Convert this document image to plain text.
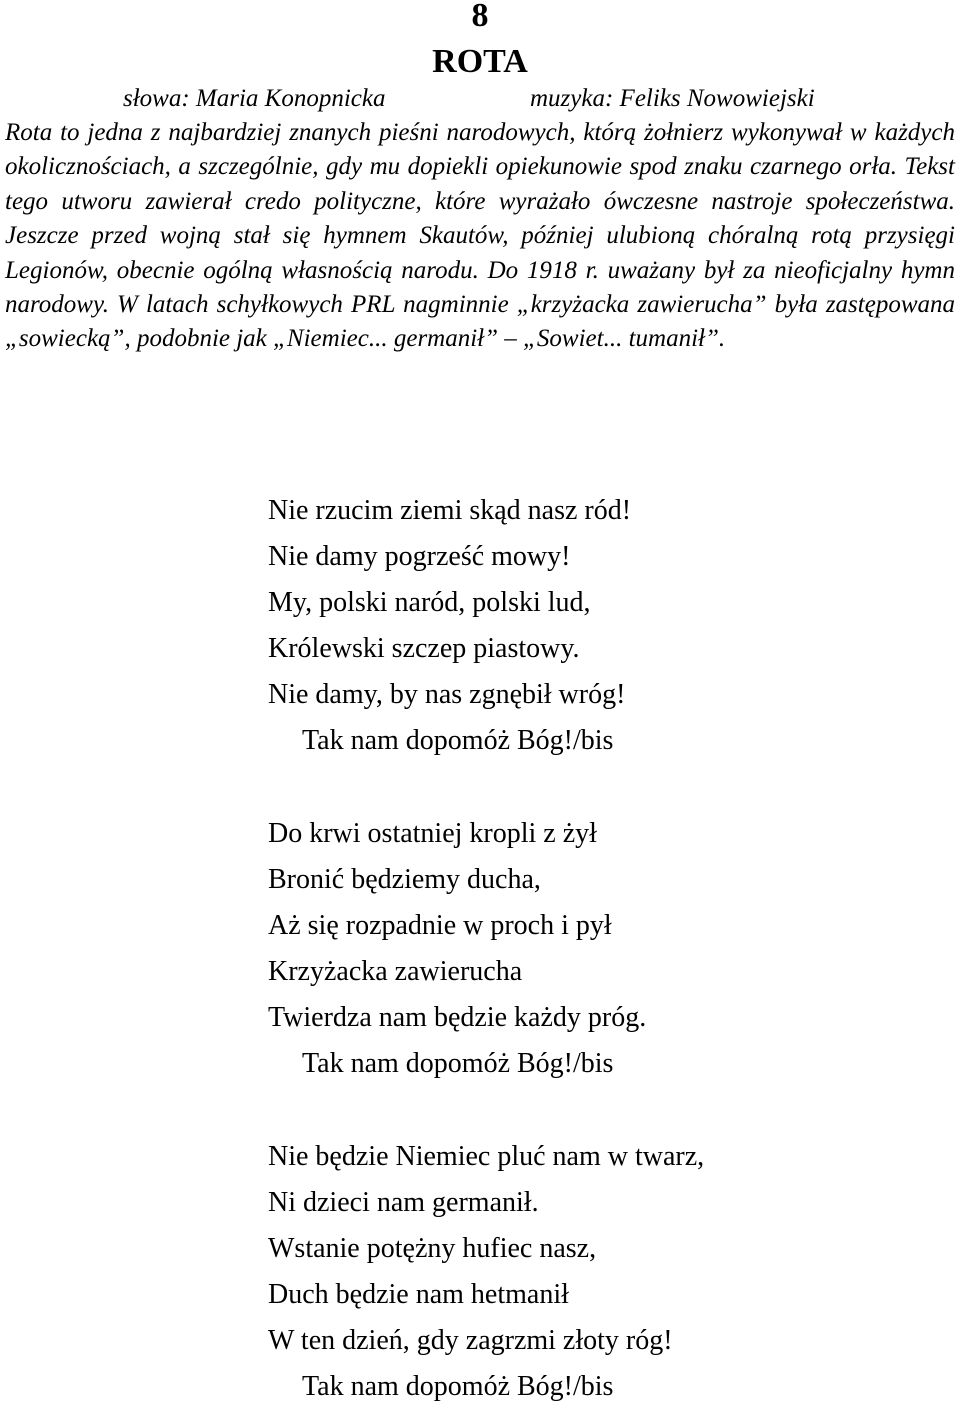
8
ROTA
słowa: Maria Konopnicka	muzyka: Feliks Nowowiejski

Rota to jedna z najbardziej znanych pieśni narodowych, którą żołnierz wykonywał w każdych okolicznościach, a szczególnie, gdy mu dopiekli opiekunowie spod znaku czarnego orła. Tekst tego utworu zawierał credo polityczne, które wyrażało ówczesne nastroje społeczeństwa. Jeszcze przed wojną stał się hymnem Skautów, później ulubioną chóralną rotą przysięgi Legionów, obecnie ogólną własnością narodu. Do 1918 r. uważany był za nieoficjalny hymn narodowy. W latach schyłkowych PRL nagminnie „krzyżacka zawierucha” była zastępowana „sowiecką”, podobnie jak „Niemiec... germanił” – „Sowiet... tumanił”.

Nie rzucim ziemi skąd nasz ród!
Nie damy pogrześć mowy!
My, polski naród, polski lud,
Królewski szczep piastowy.
Nie damy, by nas zgnębił wróg!
Tak nam dopomóż Bóg!/bis
Do krwi ostatniej kropli z żył
Bronić będziemy ducha,
Aż się rozpadnie w proch i pył
Krzyżacka zawierucha
Twierdza nam będzie każdy próg.
Tak nam dopomóż Bóg!/bis
Nie będzie Niemiec pluć nam w twarz,
Ni dzieci nam germanił.
Wstanie potężny hufiec nasz,
Duch będzie nam hetmanił
W ten dzień, gdy zagrzmi złoty róg!
Tak nam dopomóż Bóg!/bis
